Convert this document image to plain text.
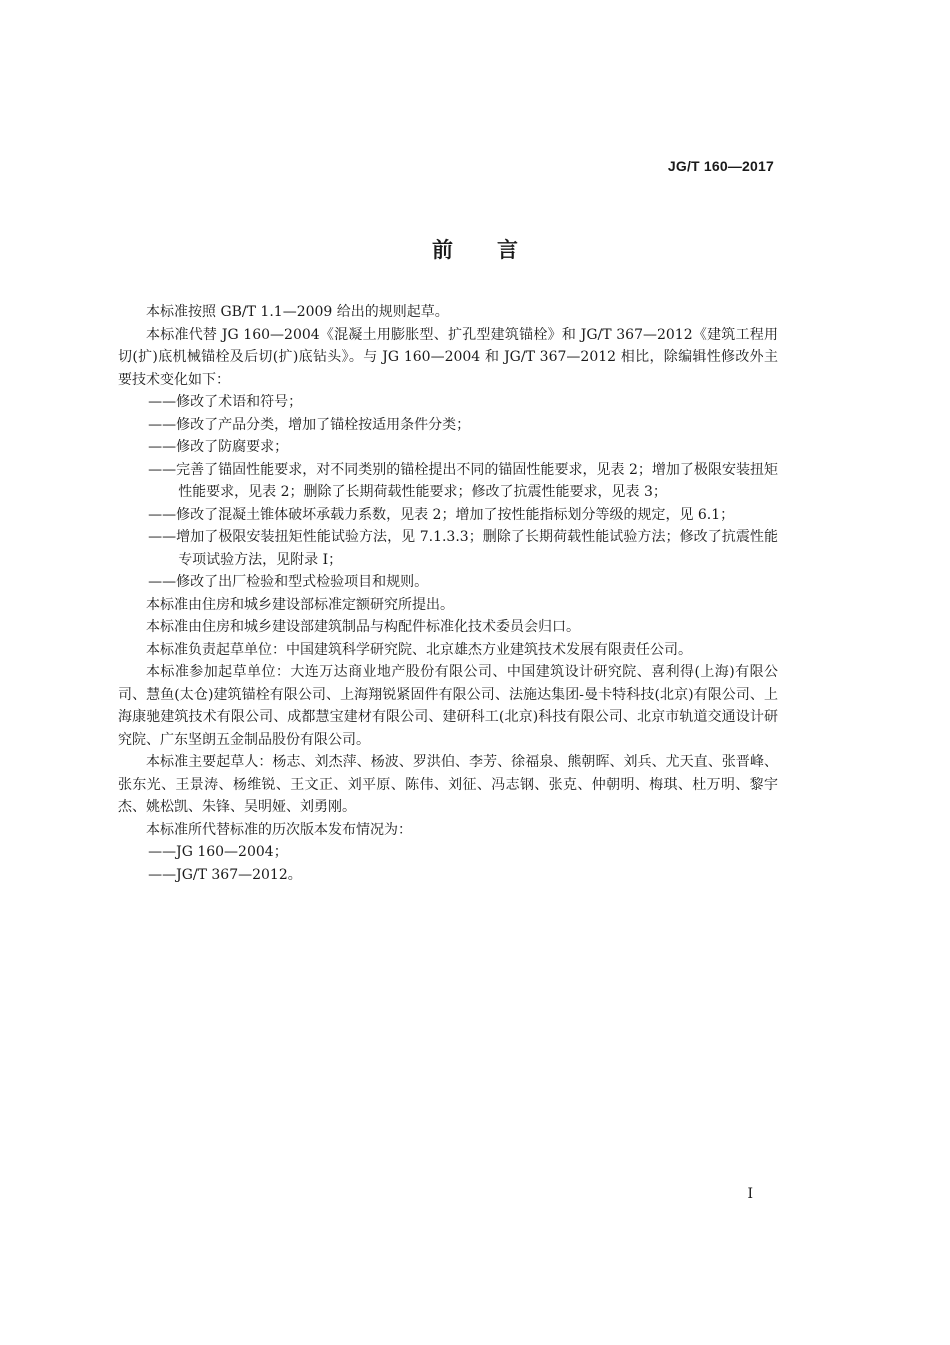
JG/T 160—2017
前言

本标准按照 GB/T 1.1—2009 给出的规则起草。

本标准代替 JG 160—2004《混凝土用膨胀型、扩孔型建筑锚栓》和 JG/T 367—2012《建筑工程用切(扩)底机械锚栓及后切(扩)底钻头》。与 JG 160—2004 和 JG/T 367—2012 相比，除编辑性修改外主要技术变化如下：

——修改了术语和符号；

——修改了产品分类，增加了锚栓按适用条件分类；

——修改了防腐要求；

——完善了锚固性能要求，对不同类别的锚栓提出不同的锚固性能要求，见表 2；增加了极限安装扭矩性能要求，见表 2；删除了长期荷载性能要求；修改了抗震性能要求，见表 3；

——修改了混凝土锥体破坏承载力系数，见表 2；增加了按性能指标划分等级的规定，见 6.1；

——增加了极限安装扭矩性能试验方法，见 7.1.3.3；删除了长期荷载性能试验方法；修改了抗震性能专项试验方法，见附录 I；

——修改了出厂检验和型式检验项目和规则。

本标准由住房和城乡建设部标准定额研究所提出。

本标准由住房和城乡建设部建筑制品与构配件标准化技术委员会归口。

本标准负责起草单位：中国建筑科学研究院、北京雄杰方业建筑技术发展有限责任公司。

本标准参加起草单位：大连万达商业地产股份有限公司、中国建筑设计研究院、喜利得(上海)有限公司、慧鱼(太仓)建筑锚栓有限公司、上海翔锐紧固件有限公司、法施达集团-曼卡特科技(北京)有限公司、上海康驰建筑技术有限公司、成都慧宝建材有限公司、建研科工(北京)科技有限公司、北京市轨道交通设计研究院、广东坚朗五金制品股份有限公司。

本标准主要起草人：杨志、刘杰萍、杨波、罗洪伯、李芳、徐福泉、熊朝晖、刘兵、尤天直、张晋峰、张东光、王景涛、杨维锐、王文正、刘平原、陈伟、刘征、冯志钢、张克、仲朝明、梅琪、杜万明、黎宇杰、姚松凯、朱锋、吴明娅、刘勇刚。

本标准所代替标准的历次版本发布情况为：

——JG 160—2004；

——JG/T 367—2012。

I
